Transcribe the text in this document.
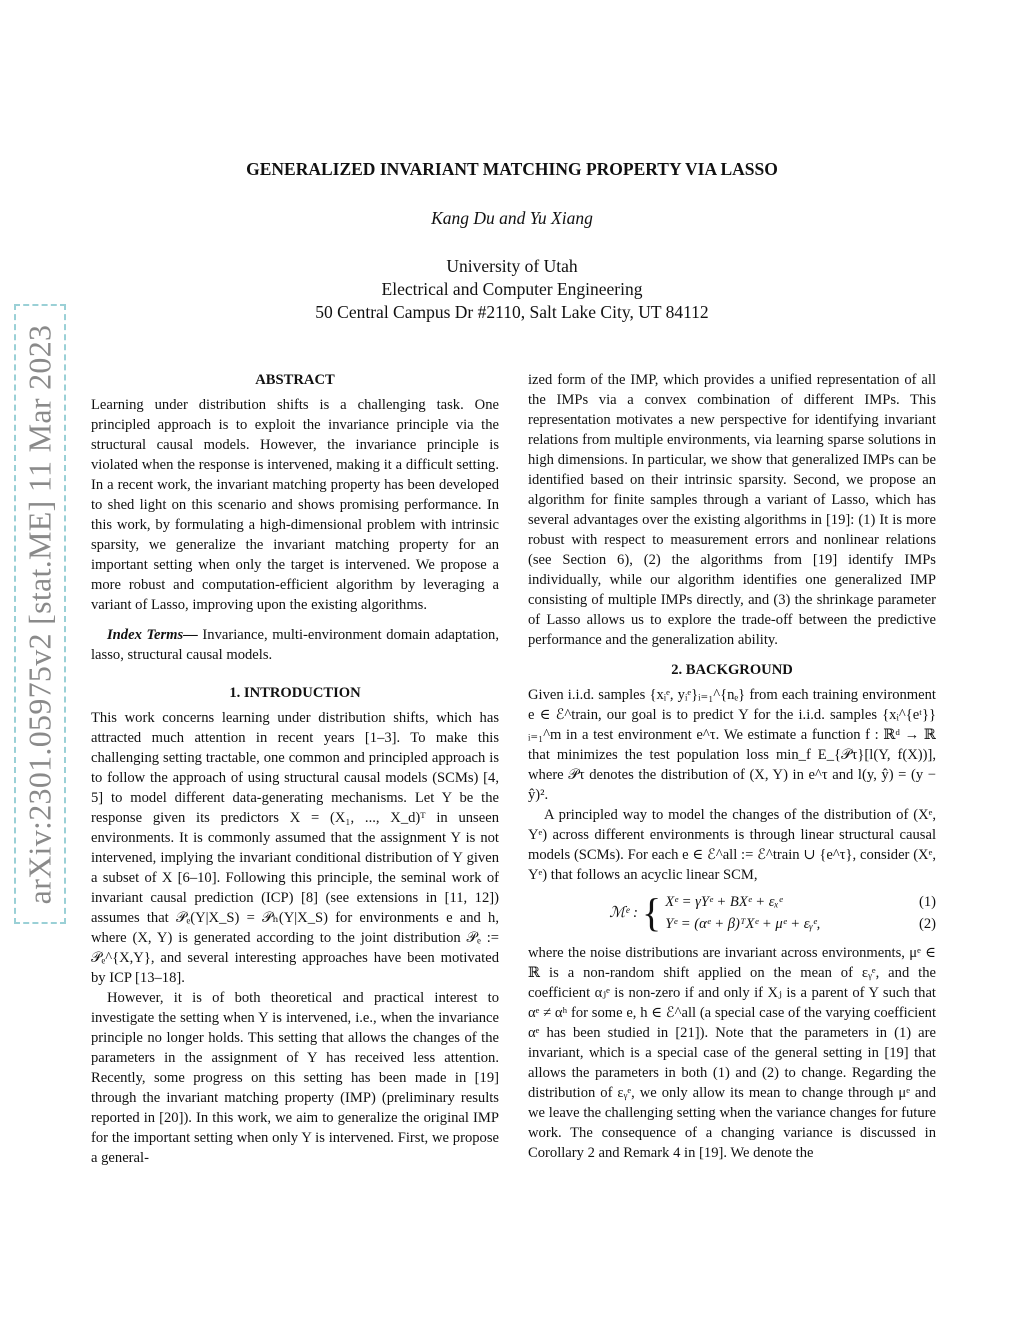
arXiv:2301.05975v2 [stat.ME] 11 Mar 2023
GENERALIZED INVARIANT MATCHING PROPERTY VIA LASSO
Kang Du and Yu Xiang
University of Utah
Electrical and Computer Engineering
50 Central Campus Dr #2110, Salt Lake City, UT 84112
ABSTRACT

Learning under distribution shifts is a challenging task. One principled approach is to exploit the invariance principle via the structural causal models. However, the invariance principle is violated when the response is intervened, making it a difficult setting. In a recent work, the invariant matching property has been developed to shed light on this scenario and shows promising performance. In this work, by formulating a high-dimensional problem with intrinsic sparsity, we generalize the invariant matching property for an important setting when only the target is intervened. We propose a more robust and computation-efficient algorithm by leveraging a variant of Lasso, improving upon the existing algorithms.

Index Terms— Invariance, multi-environment domain adaptation, lasso, structural causal models.

1. INTRODUCTION

This work concerns learning under distribution shifts, which has attracted much attention in recent years [1–3]. To make this challenging setting tractable, one common and principled approach is to follow the approach of using structural causal models (SCMs) [4, 5] to model different data-generating mechanisms. Let Y be the response given its predictors X = (X₁, ..., X_d)ᵀ in unseen environments. It is commonly assumed that the assignment Y is not intervened, implying the invariant conditional distribution of Y given a subset of X [6–10]. Following this principle, the seminal work of invariant causal prediction (ICP) [8] (see extensions in [11, 12]) assumes that 𝒫ₑ(Y|X_S) = 𝒫ₕ(Y|X_S) for environments e and h, where (X, Y) is generated according to the joint distribution 𝒫ₑ := 𝒫ₑ^{X,Y}, and several interesting approaches have been motivated by ICP [13–18].

However, it is of both theoretical and practical interest to investigate the setting when Y is intervened, i.e., when the invariance principle no longer holds. This setting that allows the changes of the parameters in the assignment of Y has received less attention. Recently, some progress on this setting has been made in [19] through the invariant matching property (IMP) (preliminary results reported in [20]). In this work, we aim to generalize the original IMP for the important setting when only Y is intervened. First, we propose a general-

ized form of the IMP, which provides a unified representation of all the IMPs via a convex combination of different IMPs. This representation motivates a new perspective for identifying invariant relations from multiple environments, via learning sparse solutions in high dimensions. In particular, we show that generalized IMPs can be identified based on their intrinsic sparsity. Second, we propose an algorithm for finite samples through a variant of Lasso, which has several advantages over the existing algorithms in [19]: (1) It is more robust with respect to measurement errors and nonlinear relations (see Section 6), (2) the algorithms from [19] identify IMPs individually, while our algorithm identifies one generalized IMP consisting of multiple IMPs directly, and (3) the shrinkage parameter of Lasso allows us to explore the trade-off between the predictive performance and the generalization ability.

2. BACKGROUND

Given i.i.d. samples {xᵢᵉ, yᵢᵉ}ᵢ₌₁^{nₑ} from each training environment e ∈ ℰ^train, our goal is to predict Y for the i.i.d. samples {xᵢ^{eᵗ}}ᵢ₌₁^m in a test environment e^τ. We estimate a function f : ℝᵈ → ℝ that minimizes the test population loss min_f E_{𝒫τ}[l(Y, f(X))], where 𝒫τ denotes the distribution of (X, Y) in e^τ and l(y, ŷ) = (y − ŷ)².

A principled way to model the changes of the distribution of (Xᵉ, Yᵉ) across different environments is through linear structural causal models (SCMs). For each e ∈ ℰ^all := ℰ^train ∪ {e^τ}, consider (Xᵉ, Yᵉ) that follows an acyclic linear SCM,

ℳᵉ : { Xᵉ = γYᵉ + BXᵉ + εₓᵉ	(1)
Yᵉ = (αᵉ + β)ᵀXᵉ + μᵉ + εᵧᵉ,	(2)

where the noise distributions are invariant across environments, μᵉ ∈ ℝ is a non-random shift applied on the mean of εᵧᵉ, and the coefficient αⱼᵉ is non-zero if and only if Xⱼ is a parent of Y such that αᵉ ≠ αʰ for some e, h ∈ ℰ^all (a special case of the varying coefficient αᵉ has been studied in [21]). Note that the parameters in (1) are invariant, which is a special case of the general setting in [19] that allows the parameters in both (1) and (2) to change. Regarding the distribution of εᵧᵉ, we only allow its mean to change through μᵉ and we leave the challenging setting when the variance changes for future work. The consequence of a changing variance is discussed in Corollary 2 and Remark 4 in [19]. We denote the
